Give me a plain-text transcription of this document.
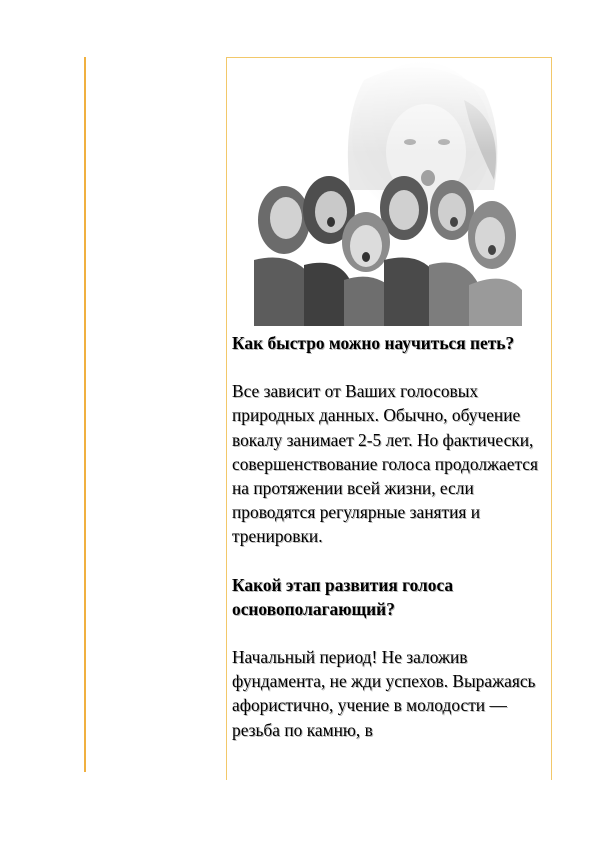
Как быстро можно научиться петь?

Все зависит от Ваших голосовых природных данных. Обычно, обучение вокалу занимает 2-5 лет. Но фактически, совершенствование голоса продолжается на протяжении всей жизни, если проводятся регулярные занятия и тренировки.

Какой этап развития голоса основополагающий?

Начальный период! Не заложив фундамента, не жди успехов. Выражаясь афористично, учение в молодости — резьба по камню, в
